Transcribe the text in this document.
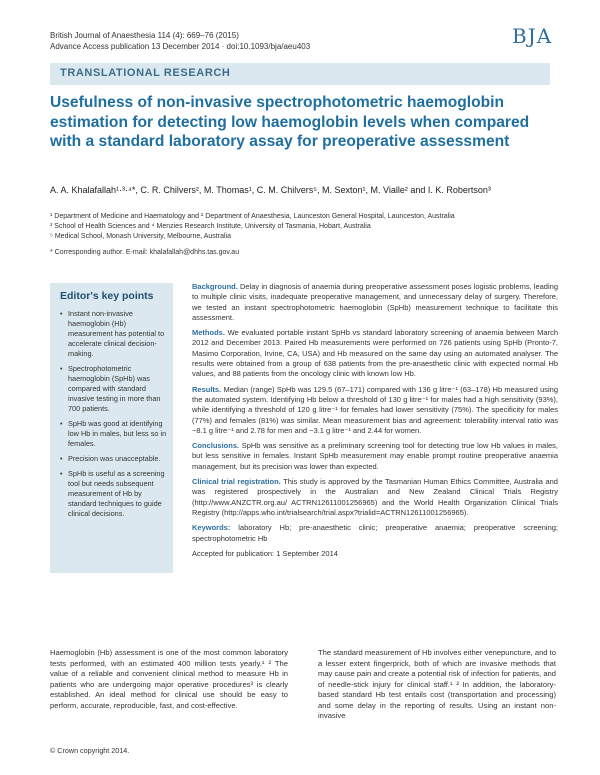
British Journal of Anaesthesia 114 (4): 669–76 (2015)
Advance Access publication 13 December 2014 · doi:10.1093/bja/aeu403	BJA
TRANSLATIONAL RESEARCH
Usefulness of non-invasive spectrophotometric haemoglobin estimation for detecting low haemoglobin levels when compared with a standard laboratory assay for preoperative assessment
A. A. Khalafallah¹·³·⁴*, C. R. Chilvers², M. Thomas¹, C. M. Chilvers⁵, M. Sexton¹, M. Vialle² and I. K. Robertson³
¹ Department of Medicine and Haematology and ² Department of Anaesthesia, Launceston General Hospital, Launceston, Australia
³ School of Health Sciences and ⁴ Menzies Research Institute, University of Tasmania, Hobart, Australia
⁵ Medical School, Monash University, Melbourne, Australia
* Corresponding author. E-mail: khalafallah@dhhs.tas.gov.au
Editor's key points
• Instant non-invasive haemoglobin (Hb) measurement has potential to accelerate clinical decision-making.
• Spectrophotometric haemoglobin (SpHb) was compared with standard invasive testing in more than 700 patients.
• SpHb was good at identifying low Hb in males, but less so in females.
• Precision was unacceptable.
• SpHb is useful as a screening tool but needs subsequent measurement of Hb by standard techniques to guide clinical decisions.

Background. Delay in diagnosis of anaemia during preoperative assessment poses logistic problems, leading to multiple clinic visits, inadequate preoperative management, and unnecessary delay of surgery. Therefore, we tested an instant spectrophotometric haemoglobin (SpHb) measurement technique to facilitate this assessment.

Methods. We evaluated portable instant SpHb vs standard laboratory screening of anaemia between March 2012 and December 2013. Paired Hb measurements were performed on 726 patients using SpHb (Pronto-7, Masimo Corporation, Irvine, CA, USA) and Hb measured on the same day using an automated analyser. The results were obtained from a group of 638 patients from the pre-anaesthetic clinic with expected normal Hb values, and 88 patients from the oncology clinic with known low Hb.

Results. Median (range) SpHb was 129.5 (67–171) compared with 136 g litre⁻¹ (63–178) Hb measured using the automated system. Identifying Hb below a threshold of 130 g litre⁻¹ for males had a high sensitivity (93%), while identifying a threshold of 120 g litre⁻¹ for females had lower sensitivity (75%). The specificity for males (77%) and females (81%) was similar. Mean measurement bias and agreement: tolerability interval ratio was −8.1 g litre⁻¹ and 2.78 for men and −3.1 g litre⁻¹ and 2.44 for women.

Conclusions. SpHb was sensitive as a preliminary screening tool for detecting true low Hb values in males, but less sensitive in females. Instant SpHb measurement may enable prompt routine preoperative anaemia management, but its precision was lower than expected.

Clinical trial registration. This study is approved by the Tasmanian Human Ethics Committee, Australia and was registered prospectively in the Australian and New Zealand Clinical Trials Registry (http://www.ANZCTR.org.au/ ACTRN12611001256965) and the World Health Organization Clinical Trials Registry (http://apps.who.int/trialsearch/trial.aspx?trialid=ACTRN12611001256965).

Keywords: laboratory Hb; pre-anaesthetic clinic; preoperative anaemia; preoperative screening; spectrophotometric Hb

Accepted for publication: 1 September 2014

Haemoglobin (Hb) assessment is one of the most common laboratory tests performed, with an estimated 400 million tests yearly.¹ ² The value of a reliable and convenient clinical method to measure Hb in patients who are undergoing major operative procedures³ is clearly established. An ideal method for clinical use should be easy to perform, accurate, reproducible, fast, and cost-effective.
The standard measurement of Hb involves either venepuncture, and to a lesser extent fingerprick, both of which are invasive methods that may cause pain and create a potential risk of infection for patients, and of needle-stick injury for clinical staff.¹ ² In addition, the laboratory-based standard Hb test entails cost (transportation and processing) and some delay in the reporting of results. Using an instant non-invasive
© Crown copyright 2014.
